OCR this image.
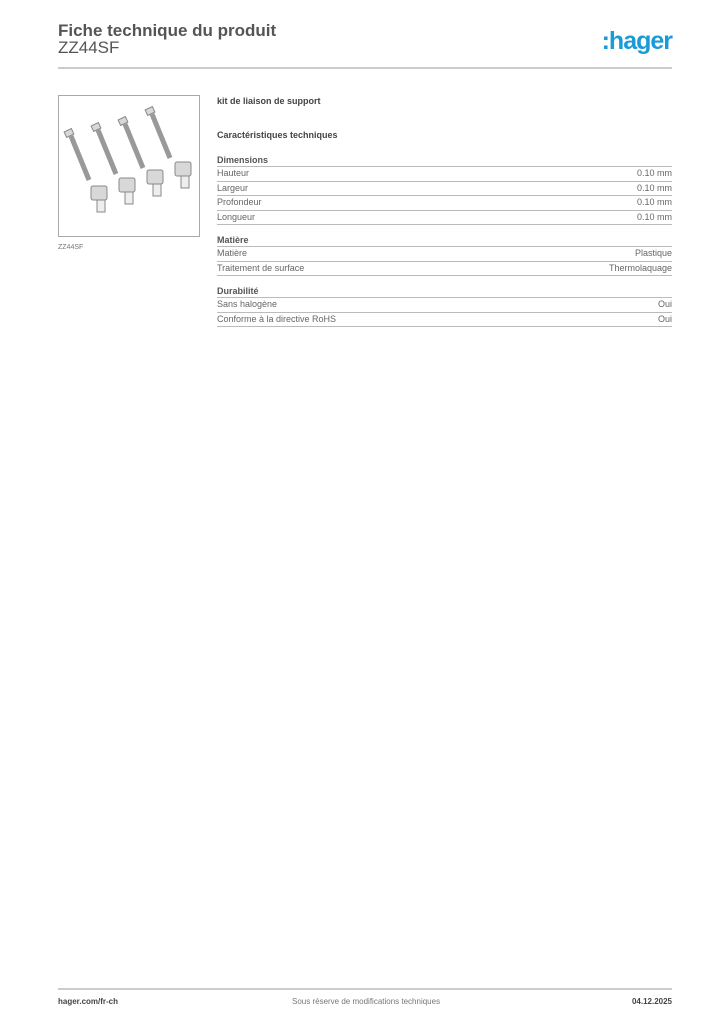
Fiche technique du produit
ZZ44SF	:hager
ZZ44SF
kit de liaison de support
Caractéristiques techniques
Dimensions
Hauteur	0.10 mm
Largeur	0.10 mm
Profondeur	0.10 mm
Longueur	0.10 mm
Matière
Matière	Plastique
Traitement de surface	Thermolaquage
Durabilité
Sans halogène	Oui
Conforme à la directive RoHS	Oui
hager.com/fr-ch	Sous réserve de modifications techniques	04.12.2025
